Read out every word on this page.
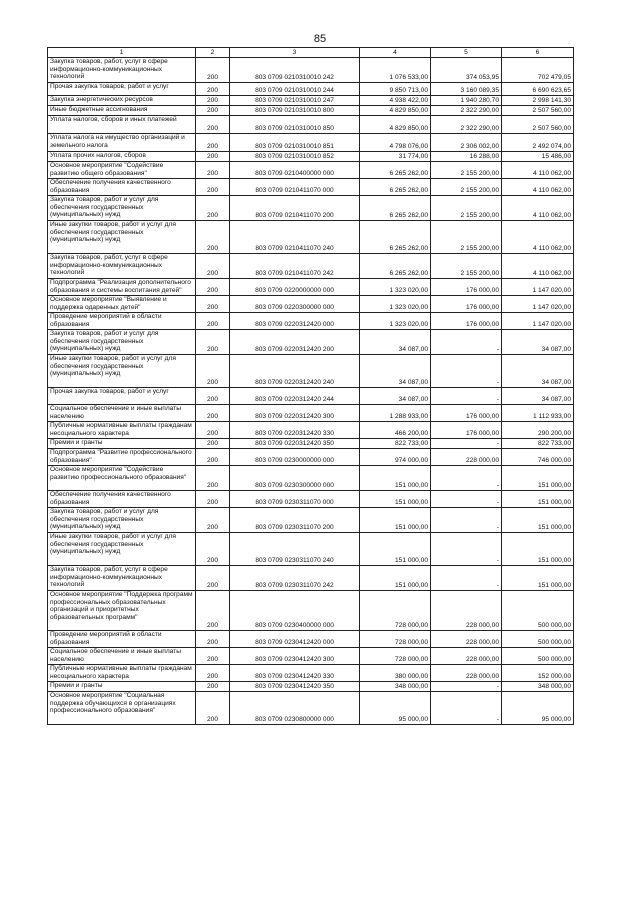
85
1	2	3	4	5	6
Закупка товаров, работ, услуг в сфере информационно-коммуникационных технологий	200	803 0709 0210310010 242	1 076 533,00	374 053,95	702 479,05
Прочая закупка товаров, работ и услуг	200	803 0709 0210310010 244	9 850 713,00	3 160 089,35	6 690 623,65
Закупка энергетических ресурсов	200	803 0709 0210310010 247	4 938 422,00	1 940 280,70	2 998 141,30
Иные бюджетные ассигнования	200	803 0709 0210310010 800	4 829 850,00	2 322 290,00	2 507 560,00
Уплата налогов, сборов и иных платежей	200	803 0709 0210310010 850	4 829 850,00	2 322 290,00	2 507 560,00
Уплата налога на имущество организаций и земельного налога	200	803 0709 0210310010 851	4 798 076,00	2 306 002,00	2 492 074,00
Уплата прочих налогов, сборов	200	803 0709 0210310010 852	31 774,00	16 288,00	15 486,00
Основное мероприятие "Содействие развитию общего образования"	200	803 0709 0210400000 000	6 265 262,00	2 155 200,00	4 110 062,00
Обеспечение получения качественного образования	200	803 0709 0210411070 000	6 265 262,00	2 155 200,00	4 110 062,00
Закупка товаров, работ и услуг для обеспечения государственных (муниципальных) нужд	200	803 0709 0210411070 200	6 265 262,00	2 155 200,00	4 110 062,00
Иные закупки товаров, работ и услуг для обеспечения государственных (муниципальных) нужд	200	803 0709 0210411070 240	6 265 262,00	2 155 200,00	4 110 062,00
Закупка товаров, работ, услуг в сфере информационно-коммуникационных технологий	200	803 0709 0210411070 242	6 265 262,00	2 155 200,00	4 110 062,00
Подпрограмма "Реализация дополнительного образования и системы воспитания детей"	200	803 0709 0220000000 000	1 323 020,00	176 000,00	1 147 020,00
Основное мероприятие "Выявление и поддержка одаренных детей"	200	803 0709 0220300000 000	1 323 020,00	176 000,00	1 147 020,00
Проведение мероприятий в области образования	200	803 0709 0220312420 000	1 323 020,00	176 000,00	1 147 020,00
Закупка товаров, работ и услуг для обеспечения государственных (муниципальных) нужд	200	803 0709 0220312420 200	34 087,00	-	34 087,00
Иные закупки товаров, работ и услуг для обеспечения государственных (муниципальных) нужд	200	803 0709 0220312420 240	34 087,00	-	34 087,00
Прочая закупка товаров, работ и услуг	200	803 0709 0220312420 244	34 087,00	-	34 087,00
Социальное обеспечение и иные выплаты населению	200	803 0709 0220312420 300	1 288 933,00	176 000,00	1 112 933,00
Публичные нормативные выплаты гражданам несоциального характера	200	803 0709 0220312420 330	466 200,00	176 000,00	290 200,00
Премии и гранты	200	803 0709 0220312420 350	822 733,00	-	822 733,00
Подпрограмма "Развитие профессионального образования"	200	803 0709 0230000000 000	974 000,00	228 000,00	746 000,00
Основное мероприятие "Содействие развитию профессионального образования"	200	803 0709 0230300000 000	151 000,00	-	151 000,00
Обеспечение получения качественного образования	200	803 0709 0230311070 000	151 000,00	-	151 000,00
Закупка товаров, работ и услуг для обеспечения государственных (муниципальных) нужд	200	803 0709 0230311070 200	151 000,00	-	151 000,00
Иные закупки товаров, работ и услуг для обеспечения государственных (муниципальных) нужд	200	803 0709 0230311070 240	151 000,00	-	151 000,00
Закупка товаров, работ, услуг в сфере информационно-коммуникационных технологий	200	803 0709 0230311070 242	151 000,00	-	151 000,00
Основное мероприятие "Поддержка программ профессиональных образовательных организаций и приоритетных образовательных программ"	200	803 0709 0230400000 000	728 000,00	228 000,00	500 000,00
Проведение мероприятий в области образования	200	803 0709 0230412420 000	728 000,00	228 000,00	500 000,00
Социальное обеспечение и иные выплаты населению	200	803 0709 0230412420 300	728 000,00	228 000,00	500 000,00
Публичные нормативные выплаты гражданам несоциального характера	200	803 0709 0230412420 330	380 000,00	228 000,00	152 000,00
Премии и гранты	200	803 0709 0230412420 350	348 000,00	-	348 000,00
Основное мероприятие "Социальная поддержка обучающихся в организациях профессионального образования"	200	803 0709 0230800000 000	95 000,00	-	95 000,00
